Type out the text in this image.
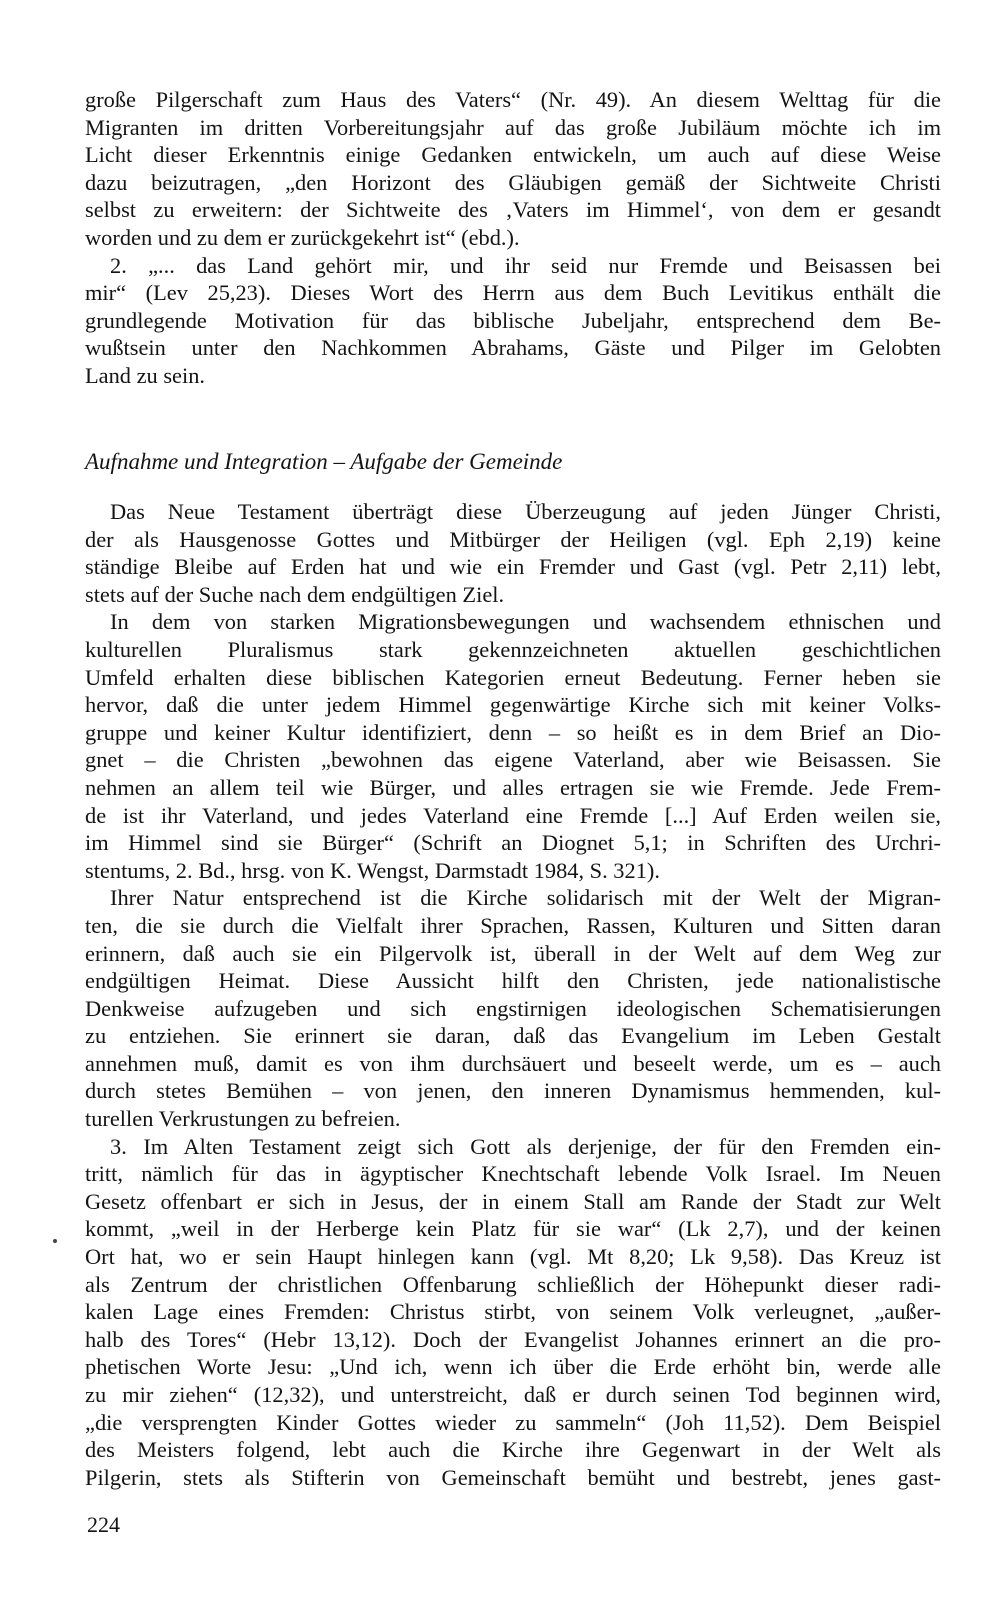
große Pilgerschaft zum Haus des Vaters“ (Nr. 49). An diesem Welttag für die
Migranten im dritten Vorbereitungsjahr auf das große Jubiläum möchte ich im
Licht dieser Erkenntnis einige Gedanken entwickeln, um auch auf diese Weise
dazu beizutragen, „den Horizont des Gläubigen gemäß der Sichtweite Christi
selbst zu erweitern: der Sichtweite des ‚Vaters im Himmel‘, von dem er gesandt
worden und zu dem er zurückgekehrt ist“ (ebd.).
2. „... das Land gehört mir, und ihr seid nur Fremde und Beisassen bei
mir“ (Lev 25,23). Dieses Wort des Herrn aus dem Buch Levitikus enthält die
grundlegende Motivation für das biblische Jubeljahr, entsprechend dem Be-
wußtsein unter den Nachkommen Abrahams, Gäste und Pilger im Gelobten
Land zu sein.
Aufnahme und Integration – Aufgabe der Gemeinde
Das Neue Testament überträgt diese Überzeugung auf jeden Jünger Christi,
der als Hausgenosse Gottes und Mitbürger der Heiligen (vgl. Eph 2,19) keine
ständige Bleibe auf Erden hat und wie ein Fremder und Gast (vgl. Petr 2,11) lebt,
stets auf der Suche nach dem endgültigen Ziel.
In dem von starken Migrationsbewegungen und wachsendem ethnischen und
kulturellen Pluralismus stark gekennzeichneten aktuellen geschichtlichen
Umfeld erhalten diese biblischen Kategorien erneut Bedeutung. Ferner heben sie
hervor, daß die unter jedem Himmel gegenwärtige Kirche sich mit keiner Volks-
gruppe und keiner Kultur identifiziert, denn – so heißt es in dem Brief an Dio-
gnet – die Christen „bewohnen das eigene Vaterland, aber wie Beisassen. Sie
nehmen an allem teil wie Bürger, und alles ertragen sie wie Fremde. Jede Frem-
de ist ihr Vaterland, und jedes Vaterland eine Fremde [...] Auf Erden weilen sie,
im Himmel sind sie Bürger“ (Schrift an Diognet 5,1; in Schriften des Urchri-
stentums, 2. Bd., hrsg. von K. Wengst, Darmstadt 1984, S. 321).
Ihrer Natur entsprechend ist die Kirche solidarisch mit der Welt der Migran-
ten, die sie durch die Vielfalt ihrer Sprachen, Rassen, Kulturen und Sitten daran
erinnern, daß auch sie ein Pilgervolk ist, überall in der Welt auf dem Weg zur
endgültigen Heimat. Diese Aussicht hilft den Christen, jede nationalistische
Denkweise aufzugeben und sich engstirnigen ideologischen Schematisierungen
zu entziehen. Sie erinnert sie daran, daß das Evangelium im Leben Gestalt
annehmen muß, damit es von ihm durchsäuert und beseelt werde, um es – auch
durch stetes Bemühen – von jenen, den inneren Dynamismus hemmenden, kul-
turellen Verkrustungen zu befreien.
3. Im Alten Testament zeigt sich Gott als derjenige, der für den Fremden ein-
tritt, nämlich für das in ägyptischer Knechtschaft lebende Volk Israel. Im Neuen
Gesetz offenbart er sich in Jesus, der in einem Stall am Rande der Stadt zur Welt
kommt, „weil in der Herberge kein Platz für sie war“ (Lk 2,7), und der keinen
Ort hat, wo er sein Haupt hinlegen kann (vgl. Mt 8,20; Lk 9,58). Das Kreuz ist
als Zentrum der christlichen Offenbarung schließlich der Höhepunkt dieser radi-
kalen Lage eines Fremden: Christus stirbt, von seinem Volk verleugnet, „außer-
halb des Tores“ (Hebr 13,12). Doch der Evangelist Johannes erinnert an die pro-
phetischen Worte Jesu: „Und ich, wenn ich über die Erde erhöht bin, werde alle
zu mir ziehen“ (12,32), und unterstreicht, daß er durch seinen Tod beginnen wird,
„die versprengten Kinder Gottes wieder zu sammeln“ (Joh 11,52). Dem Beispiel
des Meisters folgend, lebt auch die Kirche ihre Gegenwart in der Welt als
Pilgerin, stets als Stifterin von Gemeinschaft bemüht und bestrebt, jenes gast-
224
